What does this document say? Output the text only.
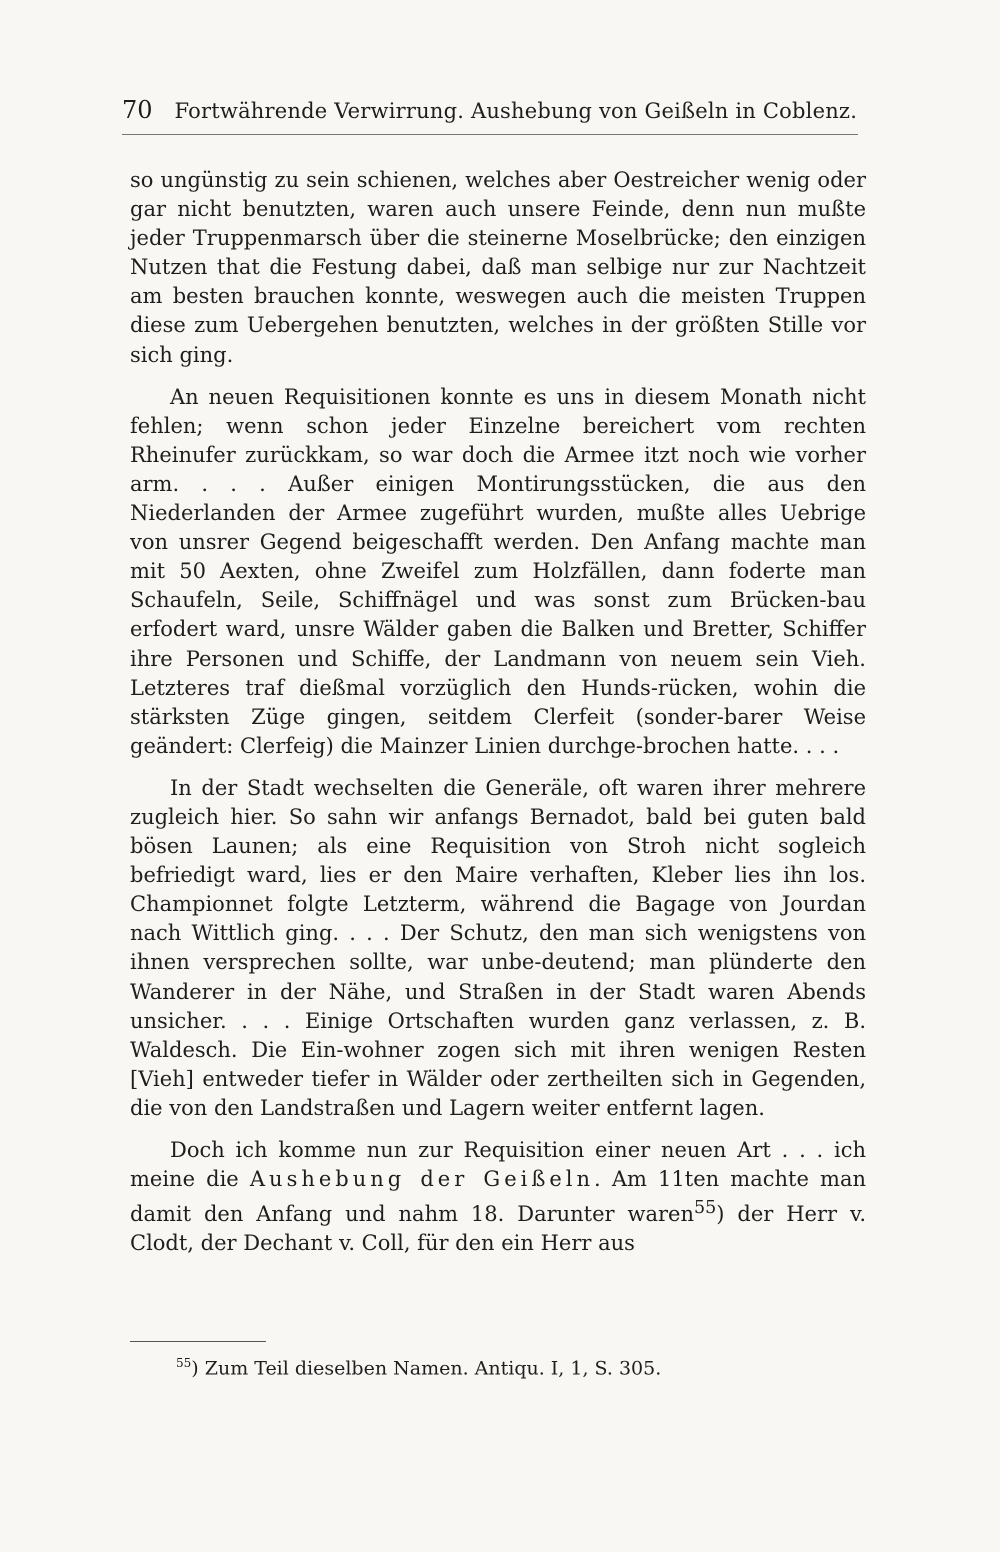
70 Fortwährende Verwirrung. Aushebung von Geißeln in Coblenz.

so ungünstig zu sein schienen, welches aber Oestreicher wenig oder gar nicht benutzten, waren auch unsere Feinde, denn nun mußte jeder Truppenmarsch über die steinerne Moselbrücke; den einzigen Nutzen that die Festung dabei, daß man selbige nur zur Nachtzeit am besten brauchen konnte, weswegen auch die meisten Truppen diese zum Uebergehen benutzten, welches in der größten Stille vor sich ging.

An neuen Requisitionen konnte es uns in diesem Monath nicht fehlen; wenn schon jeder Einzelne bereichert vom rechten Rheinufer zurückkam, so war doch die Armee itzt noch wie vorher arm. . . . Außer einigen Montirungsstücken, die aus den Niederlanden der Armee zugeführt wurden, mußte alles Uebrige von unsrer Gegend beigeschafft werden. Den Anfang machte man mit 50 Aexten, ohne Zweifel zum Holzfällen, dann foderte man Schaufeln, Seile, Schiffnägel und was sonst zum Brücken-bau erfodert ward, unsre Wälder gaben die Balken und Bretter, Schiffer ihre Personen und Schiffe, der Landmann von neuem sein Vieh. Letzteres traf dießmal vorzüglich den Hunds-rücken, wohin die stärksten Züge gingen, seitdem Clerfeit (sonder-barer Weise geändert: Clerfeig) die Mainzer Linien durchge-brochen hatte. . . .

In der Stadt wechselten die Generäle, oft waren ihrer mehrere zugleich hier. So sahn wir anfangs Bernadot, bald bei guten bald bösen Launen; als eine Requisition von Stroh nicht sogleich befriedigt ward, lies er den Maire verhaften, Kleber lies ihn los. Championnet folgte Letzterm, während die Bagage von Jourdan nach Wittlich ging. . . . Der Schutz, den man sich wenigstens von ihnen versprechen sollte, war unbe-deutend; man plünderte den Wanderer in der Nähe, und Straßen in der Stadt waren Abends unsicher. . . . Einige Ortschaften wurden ganz verlassen, z. B. Waldesch. Die Ein-wohner zogen sich mit ihren wenigen Resten [Vieh] entweder tiefer in Wälder oder zertheilten sich in Gegenden, die von den Landstraßen und Lagern weiter entfernt lagen.

Doch ich komme nun zur Requisition einer neuen Art . . . ich meine die Aushebung der Geißeln. Am 11ten machte man damit den Anfang und nahm 18. Darunter waren$^{55}$) der Herr v. Clodt, der Dechant v. Coll, für den ein Herr aus

$^{55}$) Zum Teil dieselben Namen. Antiqu. I, 1, S. 305.
